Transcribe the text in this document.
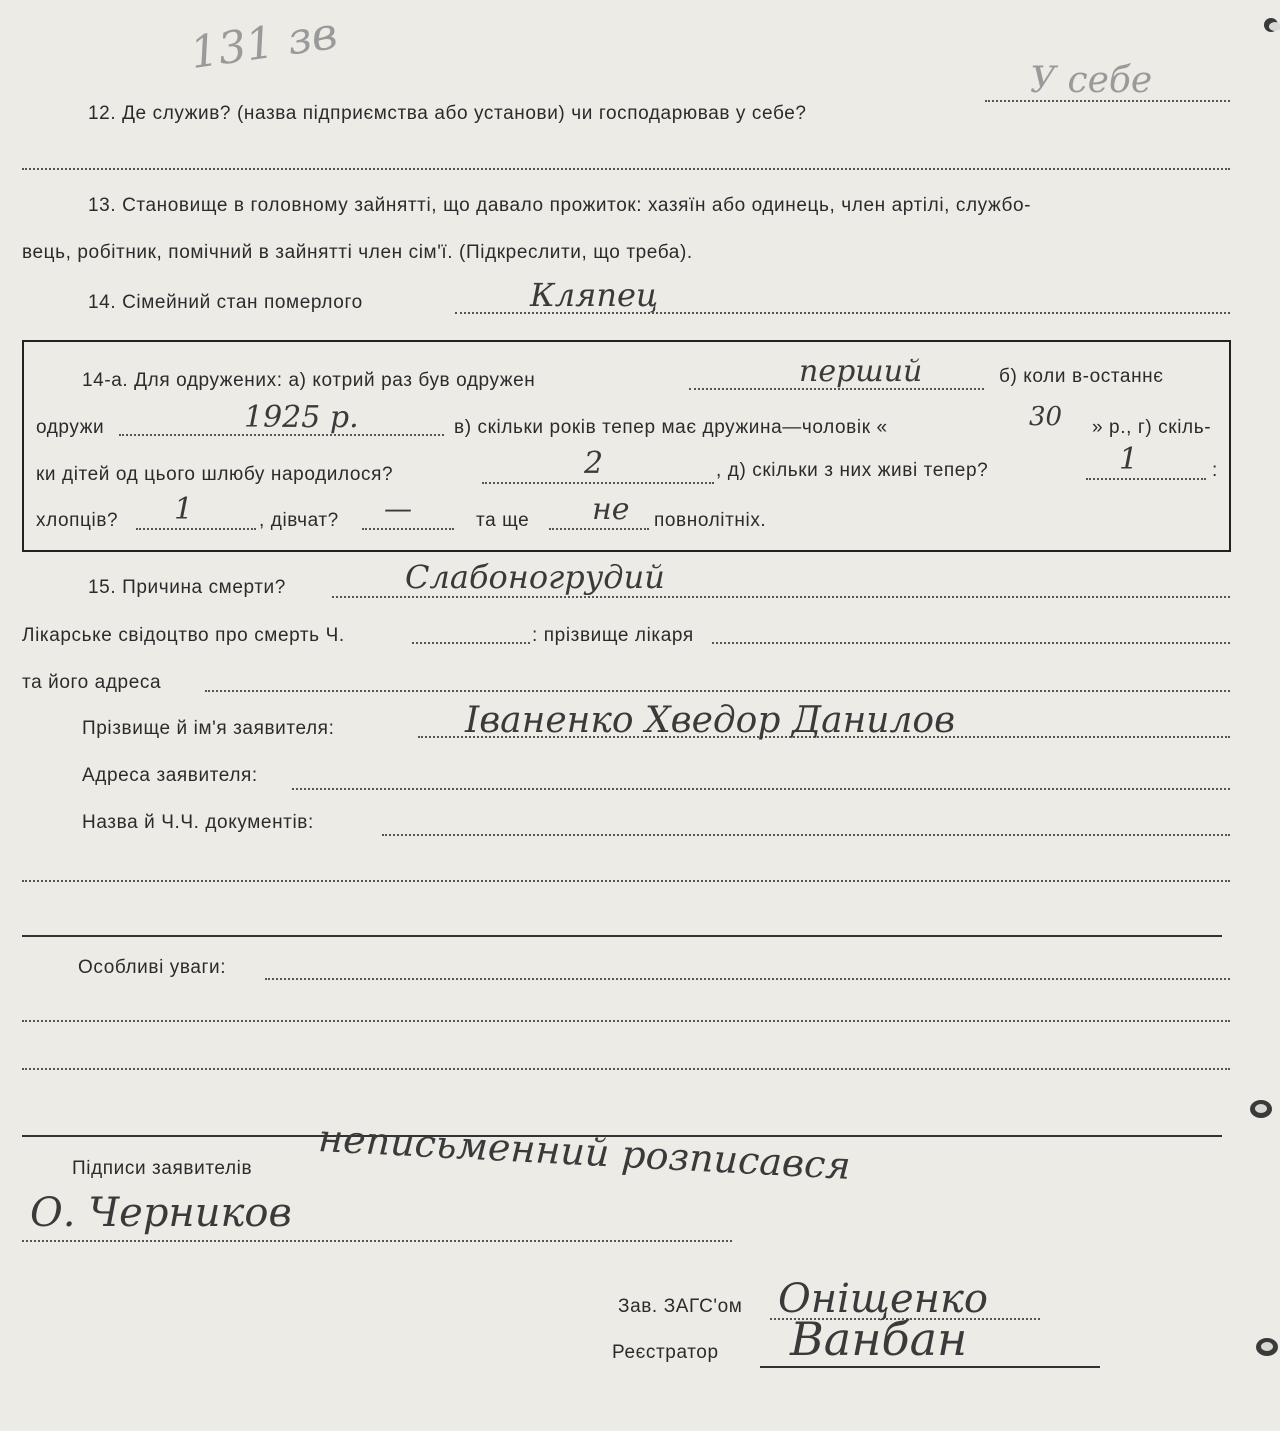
131 зв
12. Де служив? (назва підприємства або установи) чи господарював у себе?
У себе
13. Становище в головному зайнятті, що давало прожиток: хазяїн або одинець, член артілі, службо-
вець, робітник, помічний в зайнятті член сім'ї. (Підкреслити, що треба).
14. Сімейний стан померлого	Кляпец
14-а. Для одружених: а) котрий раз був одружен	перший	б) коли в-останнє
одружи	1925 р.	в) скільки років тепер має дружина—чоловік «	30 » р., г) скіль-
ки дітей од цього шлюбу народилося?	2	, д) скільки з них живі тепер?	1	:
хлопців? 1	, дівчат? —	та ще не повнолітніх.
15. Причина смерти?	Слабоногрудий
Лікарське свідоцтво про смерть Ч.	: прізвище лікаря
та його адреса
Прізвище й ім'я заявителя:	Іваненко Хведор Данилов
Адреса заявителя:
Назва й Ч.Ч. документів:
Особливі уваги:
Підписи заявителів неписьменний розписався
О. Черников
Зав. ЗАГС'ом Оніщенко
Реєстратор Ванбан
